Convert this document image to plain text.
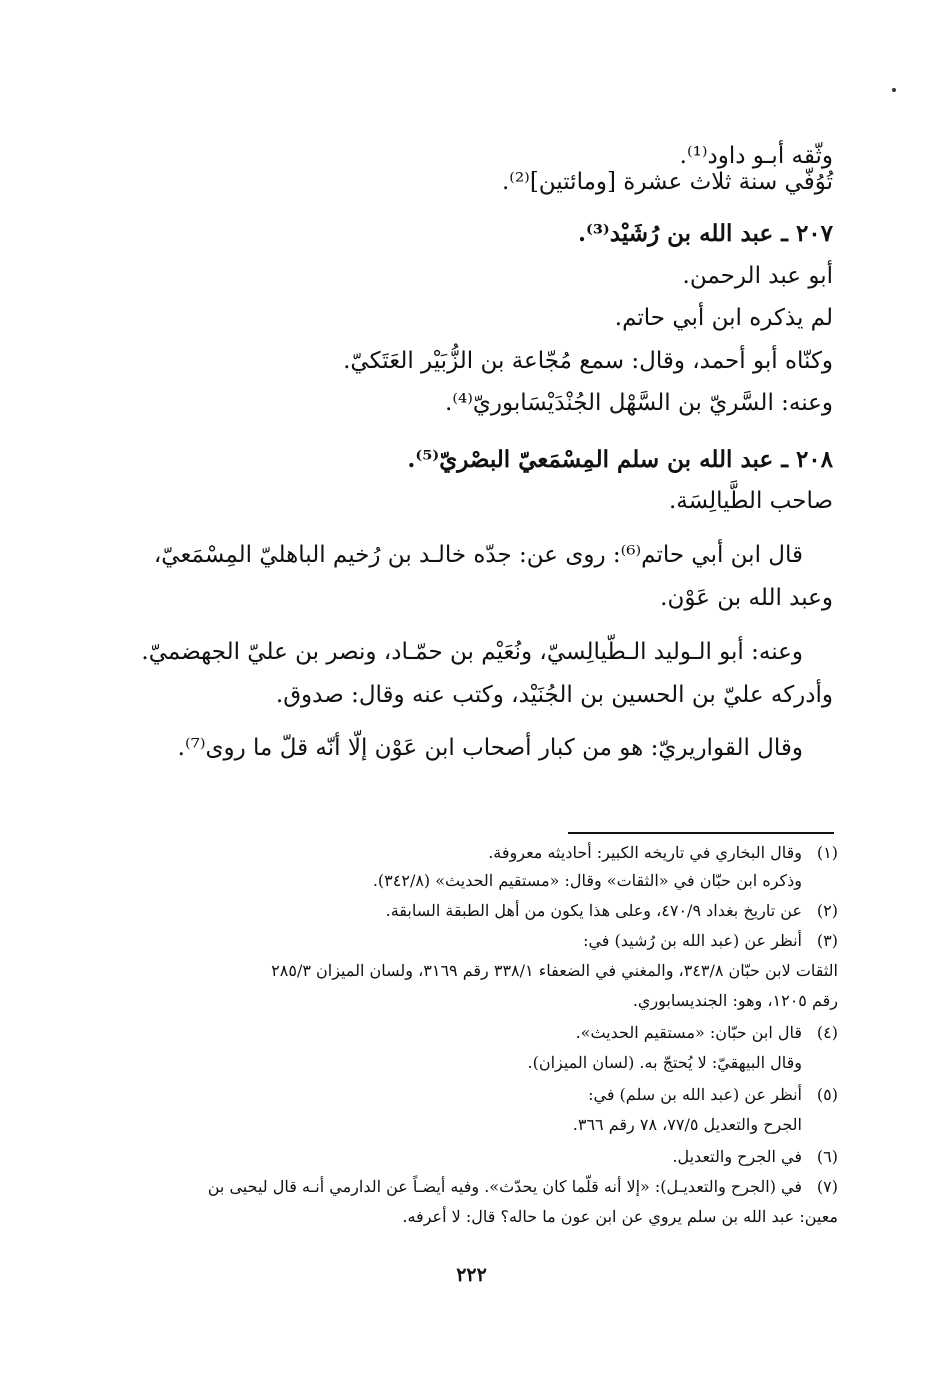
وثّقه أبـو داود⁽¹⁾.
تُوُفّي سنة ثلاث عشرة [ومائتين]⁽²⁾.
٢٠٧ ـ عبد الله بن رُشَيْد⁽³⁾.
أبو عبد الرحمن.
لم يذكره ابن أبي حاتم.
وكنّاه أبو أحمد، وقال: سمع مُجّاعة بن الزُّبَيْر العَتَكيّ.
وعنه: السَّريّ بن السَّهْل الجُنْدَيْسَابوريّ⁽⁴⁾.
٢٠٨ ـ عبد الله بن سلم المِسْمَعيّ البصْريّ⁽⁵⁾.
صاحب الطَّيالِسَة.
قال ابن أبي حاتم⁽⁶⁾: روى عن: جدّه خالـد بن رُخيم الباهليّ المِسْمَعيّ،
وعبد الله بن عَوْن.
وعنه: أبو الـوليد الـطّيالِسيّ، ونُعَيْم بن حمّـاد، ونصر بن عليّ الجهضميّ.
وأدركه عليّ بن الحسين بن الجُنَيْد، وكتب عنه وقال: صدوق.
وقال القواريريّ: هو من كبار أصحاب ابن عَوْن إلّا أنّه قلّ ما روى⁽⁷⁾.
(١)وقال البخاري في تاريخه الكبير: أحاديثه معروفة.
وذكره ابن حبّان في «الثقات» وقال: «مستقيم الحديث» (٣٤٢/٨).
(٢)عن تاريخ بغداد ٤٧٠/٩، وعلى هذا يكون من أهل الطبقة السابقة.
(٣)أنظر عن (عبد الله بن رُشيد) في:
الثقات لابن حبّان ٣٤٣/٨، والمغني في الضعفاء ٣٣٨/١ رقم ٣١٦٩، ولسان الميزان ٢٨٥/٣
رقم ١٢٠٥، وهو: الجنديسابوري.
(٤)قال ابن حبّان: «مستقيم الحديث».
وقال البيهقيّ: لا يُحتجّ به. (لسان الميزان).
(٥)أنظر عن (عبد الله بن سلم) في:
الجرح والتعديل ٧٧/٥، ٧٨ رقم ٣٦٦.
(٦)في الجرح والتعديل.
(٧)في (الجرح والتعديـل): «إلا أنه قلّما كان يحدّث». وفيه أيضـاً عن الدارمي أنـه قال ليحيى بن
معين: عبد الله بن سلم يروي عن ابن عون ما حاله؟ قال: لا أعرفه.
٢٢٢
